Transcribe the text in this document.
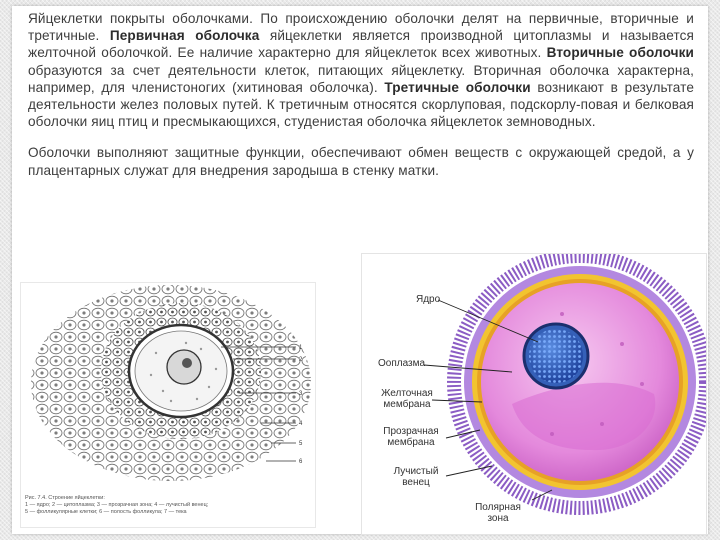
Яйцеклетки покрыты оболочками. По происхождению оболочки делят на первичные, вторичные и третичные. Первичная оболочка яйцеклетки является производной цитоплазмы и называется желточной оболочкой. Ее наличие характерно для яйцеклеток всех животных. Вторичные оболочки образуются за счет деятельности клеток, питающих яйцеклетку. Вторичная оболочка характерна, например, для членистоногих (хитиновая оболочка). Третичные оболочки возникают в результате деятельности желез половых путей. К третичным относятся скорлуповая, подскорлу-повая и белковая оболочки яиц птиц и пресмыкающихся, студенистая оболочка яйцеклеток земноводных.

Оболочки выполняют защитные функции, обеспечивают обмен веществ с окружающей средой, а у плацентарных служат для внедрения зародыша в стенку матки.

1
2
3
4
5
6
Рис. 7.4. Строение яйцеклетки:
1 — ядро; 2 — цитоплазма; 3 — прозрачная зона; 4 — лучистый венец;
5 — фолликулярные клетки; 6 — полость фолликула; 7 — текa
Ядро
Ооплазма
Желточная мембрана
Прозрачная мембрана
Лучистый венец
Полярная зона
